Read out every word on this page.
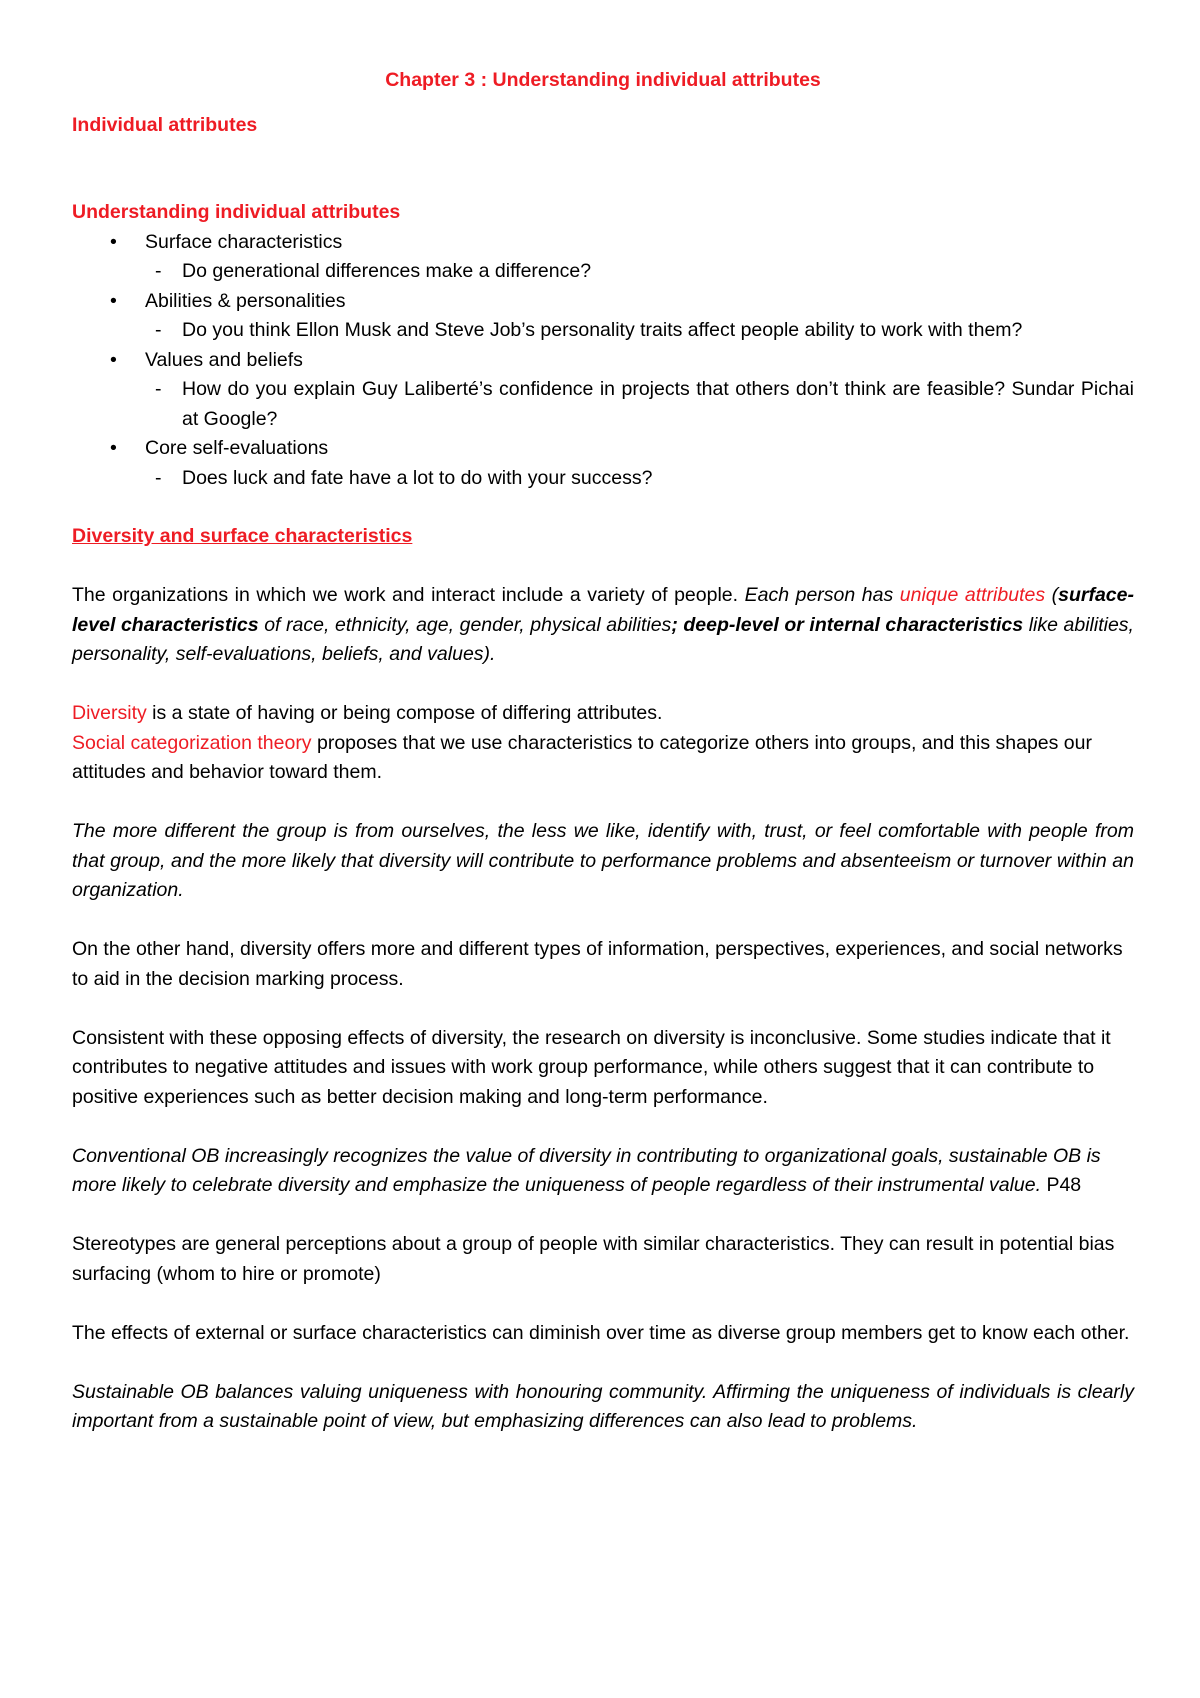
Chapter 3 : Understanding individual attributes

Individual attributes

Understanding individual attributes

• Surface characteristics
- Do generational differences make a difference?
• Abilities & personalities
- Do you think Ellon Musk and Steve Job’s personality traits affect people ability to work with them?
• Values and beliefs
- How do you explain Guy Laliberté’s confidence in projects that others don’t think are feasible? Sundar Pichai at Google?
• Core self-evaluations
- Does luck and fate have a lot to do with your success?

Diversity and surface characteristics

The organizations in which we work and interact include a variety of people. Each person has unique attributes (surface-level characteristics of race, ethnicity, age, gender, physical abilities; deep-level or internal characteristics like abilities, personality, self-evaluations, beliefs, and values).

Diversity is a state of having or being compose of differing attributes.

Social categorization theory proposes that we use characteristics to categorize others into groups, and this shapes our attitudes and behavior toward them.

The more different the group is from ourselves, the less we like, identify with, trust, or feel comfortable with people from that group, and the more likely that diversity will contribute to performance problems and absenteeism or turnover within an organization.

On the other hand, diversity offers more and different types of information, perspectives, experiences, and social networks to aid in the decision marking process.

Consistent with these opposing effects of diversity, the research on diversity is inconclusive. Some studies indicate that it contributes to negative attitudes and issues with work group performance, while others suggest that it can contribute to positive experiences such as better decision making and long-term performance.

Conventional OB increasingly recognizes the value of diversity in contributing to organizational goals, sustainable OB is more likely to celebrate diversity and emphasize the uniqueness of people regardless of their instrumental value. P48

Stereotypes are general perceptions about a group of people with similar characteristics. They can result in potential bias surfacing (whom to hire or promote)

The effects of external or surface characteristics can diminish over time as diverse group members get to know each other.

Sustainable OB balances valuing uniqueness with honouring community. Affirming the uniqueness of individuals is clearly important from a sustainable point of view, but emphasizing differences can also lead to problems.
